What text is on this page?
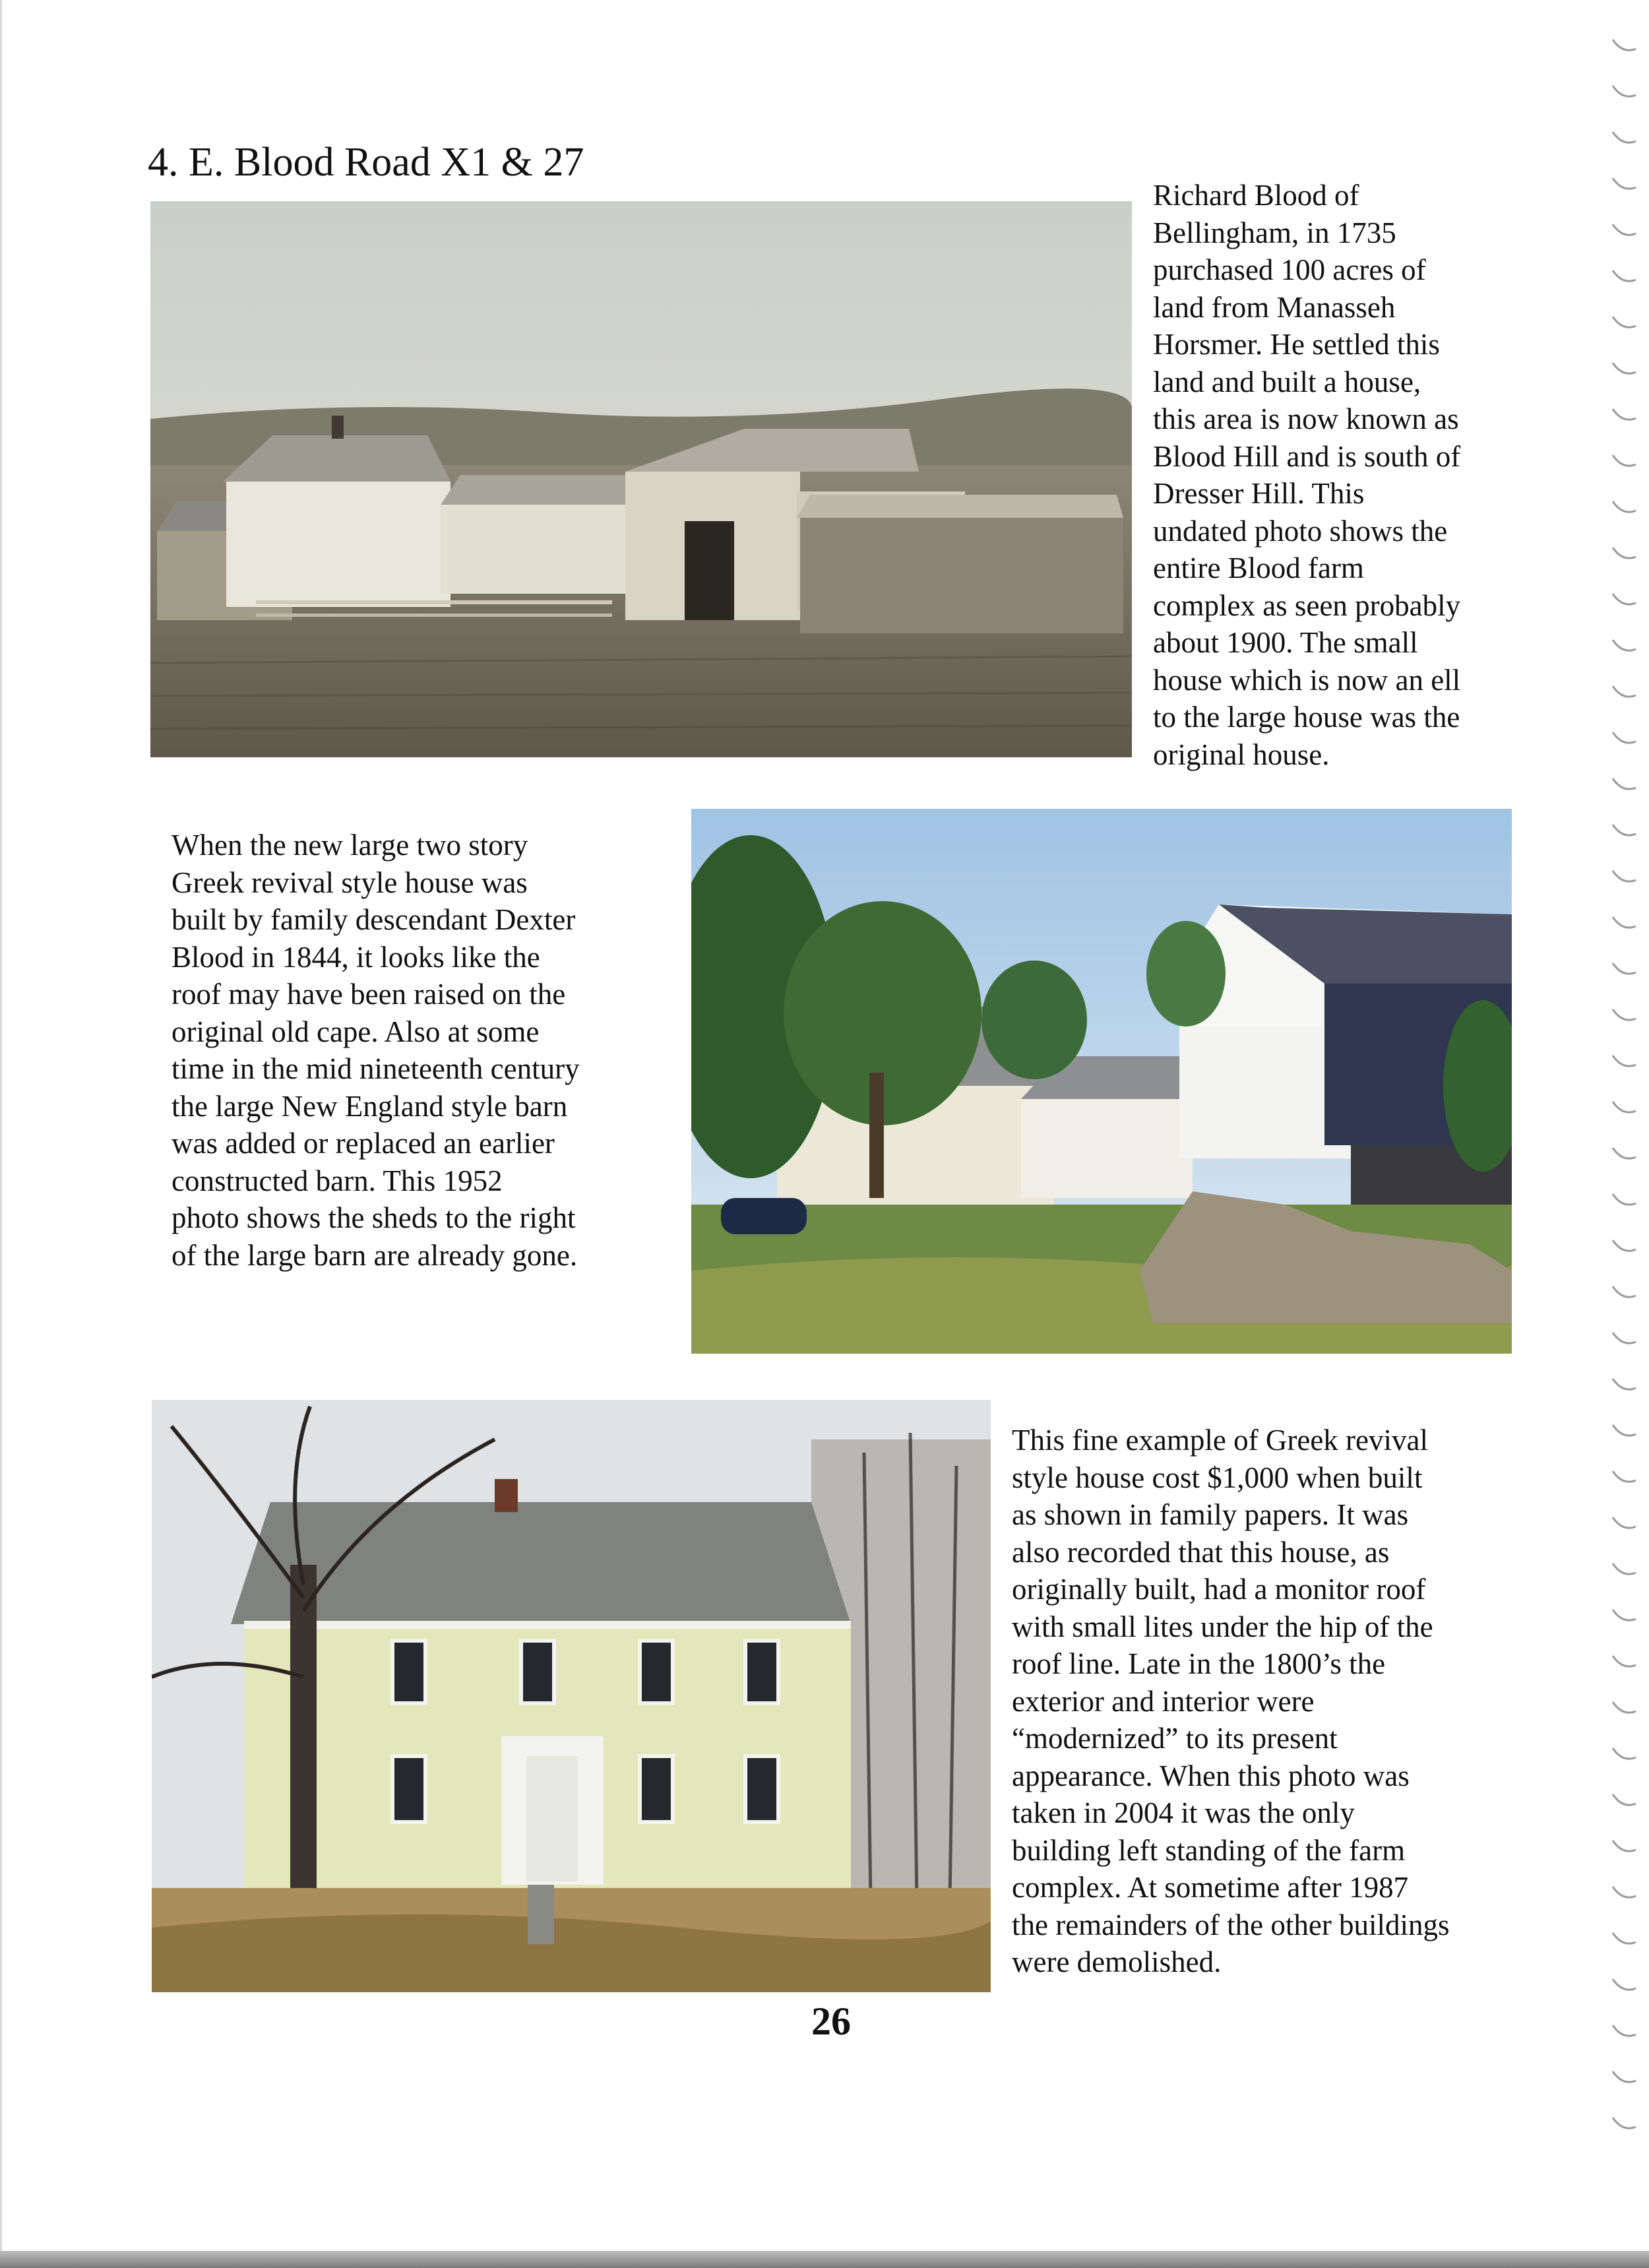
4. E. Blood Road X1 & 27
Richard Blood of
Bellingham, in 1735
purchased 100 acres of
land from Manasseh
Horsmer. He settled this
land and built a house,
this area is now known as
Blood Hill and is south of
Dresser Hill. This
undated photo shows the
entire Blood farm
complex as seen probably
about 1900. The small
house which is now an ell
to the large house was the
original house.
When the new large two story
Greek revival style house was
built by family descendant Dexter
Blood in 1844, it looks like the
roof may have been raised on the
original old cape. Also at some
time in the mid nineteenth century
the large New England style barn
was added or replaced an earlier
constructed barn. This 1952
photo shows the sheds to the right
of the large barn are already gone.
This fine example of Greek revival
style house cost $1,000 when built
as shown in family papers. It was
also recorded that this house, as
originally built, had a monitor roof
with small lites under the hip of the
roof line. Late in the 1800’s the
exterior and interior were
“modernized” to its present
appearance. When this photo was
taken in 2004 it was the only
building left standing of the farm
complex. At sometime after 1987
the remainders of the other buildings
were demolished.
26
